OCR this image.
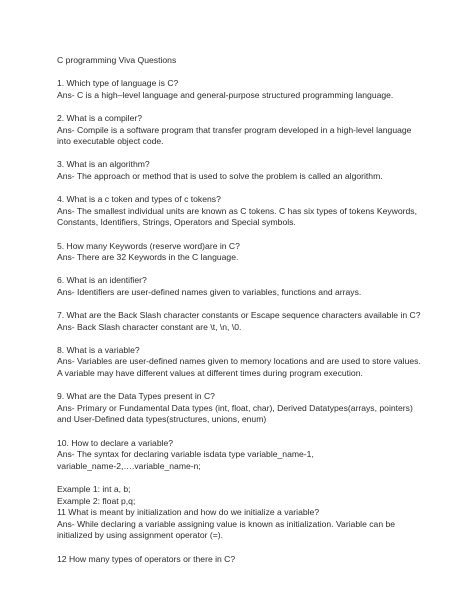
C programming Viva Questions

1. Which type of language is C?

Ans- C is a high–level language and general-purpose structured programming language.

2. What is a compiler?

Ans- Compile is a software program that transfer program developed in a high-level language
into executable object code.

3. What is an algorithm?

Ans- The approach or method that is used to solve the problem is called an algorithm.

4. What is a c token and types of c tokens?

Ans- The smallest individual units are known as C tokens. C has six types of tokens Keywords,
Constants, Identifiers, Strings, Operators and Special symbols.

5. How many Keywords (reserve word)are in C?

Ans- There are 32 Keywords in the C language.

6. What is an identifier?

Ans- Identifiers are user-defined names given to variables, functions and arrays.

7. What are the Back Slash character constants or Escape sequence characters available in C?

Ans- Back Slash character constant are \t, \n, \0.

8. What is a variable?

Ans- Variables are user-defined names given to memory locations and are used to store values.
A variable may have different values at different times during program execution.

9. What are the Data Types present in C?

Ans- Primary or Fundamental Data types (int, float, char), Derived Datatypes(arrays, pointers)
and User-Defined data types(structures, unions, enum)

10. How to declare a variable?

Ans- The syntax for declaring variable isdata type variable_name-1,
variable_name-2,….variable_name-n;

Example 1: int a, b;

Example 2: float p,q;

11 What is meant by initialization and how do we initialize a variable?

Ans- While declaring a variable assigning value is known as initialization. Variable can be
initialized by using assignment operator (=).

12 How many types of operators or there in C?
